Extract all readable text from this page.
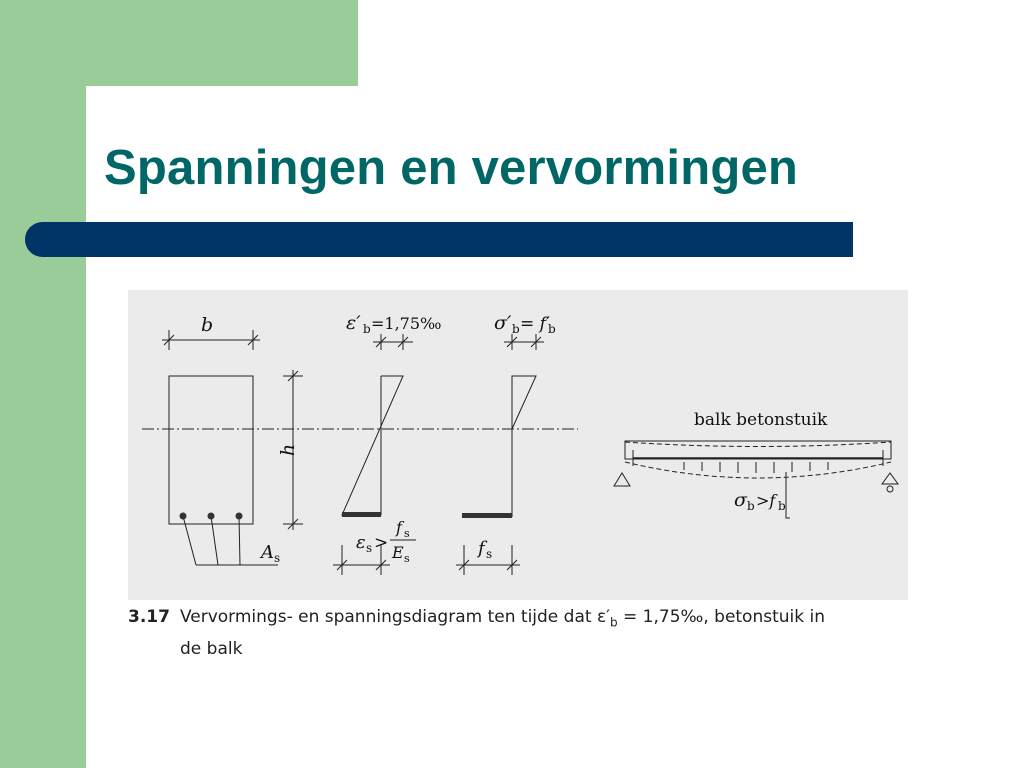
Spanningen en vervormingen
b
h
A s
ε′ b =1,75‰	σ′ b = f′
b
ε s >
f s
E s	f s
balk betonstuik
σ b >f b
3.17 Vervormings- en spanningsdiagram ten tijde dat $\varepsilon'_b$ = 1,75‰, betonstuik in
de balk
